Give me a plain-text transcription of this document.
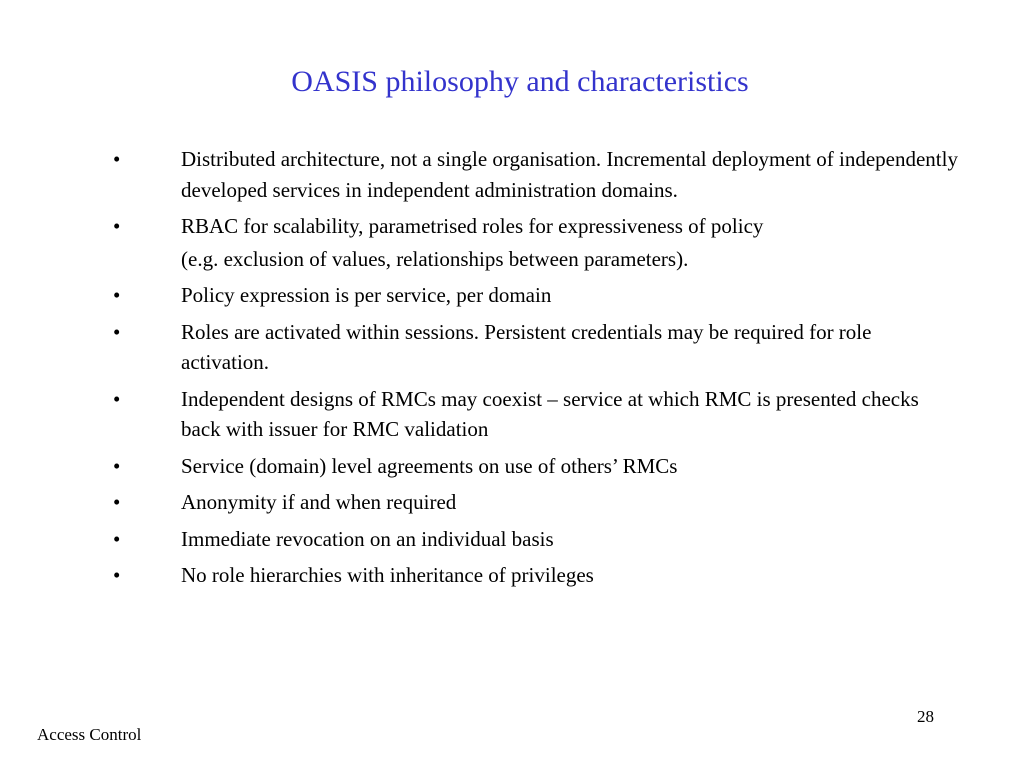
OASIS philosophy and characteristics
•	Distributed architecture, not a single organisation. Incremental deployment of independently developed services in independent administration domains.
•	RBAC for scalability, parametrised roles for expressiveness of policy
(e.g. exclusion of values, relationships between parameters).
•	Policy expression is per service, per domain
•	Roles are activated within sessions. Persistent credentials may be required for role activation.
•	Independent designs of RMCs may coexist – service at which RMC is presented checks back with issuer for RMC validation
•	Service (domain) level agreements on use of others’ RMCs
•	Anonymity if and when required
•	Immediate revocation on an individual basis
•	No role hierarchies with inheritance of privileges
28
Access Control
